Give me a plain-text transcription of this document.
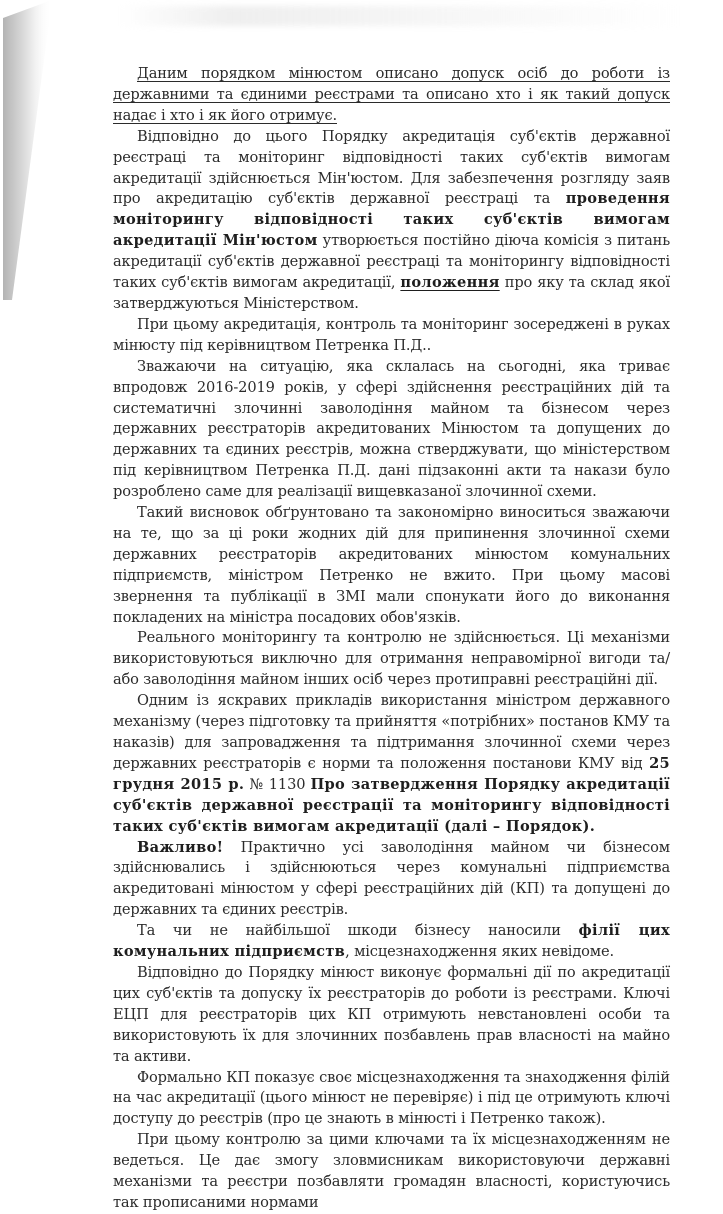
Даним порядком мінюстом описано допуск осіб до роботи із державними та єдиними реєстрами та описано хто і як такий допуск надає і хто і як його отримує.

Відповідно до цього Порядку акредитація суб'єктів державної реєстраці та моніторинг відповідності таких суб'єктів вимогам акредитації здійснюється Мін'юстом. Для забезпечення розгляду заяв про акредитацію суб'єктів державної реєстраці та проведення моніторингу відповідності таких суб'єктів вимогам акредитації Мін'юстом утворюється постійно діюча комісія з питань акредитації суб'єктів державної реєстраці та моніторингу відповідності таких суб'єктів вимогам акредитації, положення про яку та склад якої затверджуються Міністерством.

При цьому акредитація, контроль та моніторинг зосереджені в руках мінюсту під керівництвом Петренка П.Д..

Зважаючи на ситуацію, яка склалась на сьогодні, яка триває впродовж 2016-2019 років, у сфері здійснення реєстраційних дій та систематичні злочинні заволодіння майном та бізнесом через державних реєстраторів акредитованих Мінюстом та допущених до державних та єдиних реєстрів, можна стверджувати, що міністерством під керівництвом Петренка П.Д. дані підзаконні акти та накази було розроблено саме для реалізації вищевказаної злочинної схеми.

Такий висновок обґрунтовано та закономірно виноситься зважаючи на те, що за ці роки жодних дій для припинення злочинної схеми державних реєстраторів акредитованих мінюстом комунальних підприємств, міністром Петренко не вжито. При цьому масові звернення та публікації в ЗМІ мали спонукати його до виконання покладених на міністра посадових обов'язків.

Реального моніторингу та контролю не здійснюється. Ці механізми використовуються виключно для отримання неправомірної вигоди та/або заволодіння майном інших осіб через протиправні реєстраційні дії.

Одним із яскравих прикладів використання міністром державного механізму (через підготовку та прийняття «потрібних» постанов КМУ та наказів) для запровадження та підтримання злочинної схеми через державних реєстраторів є норми та положення постанови КМУ від 25 грудня 2015 р. № 1130 Про затвердження Порядку акредитації суб'єктів державної реєстрації та моніторингу відповідності таких суб'єктів вимогам акредитації (далі – Порядок).

Важливо! Практично усі заволодіння майном чи бізнесом здійснювались і здійснюються через комунальні підприємства акредитовані мінюстом у сфері реєстраційних дій (КП) та допущені до державних та єдиних реєстрів.

Та чи не найбільшої шкоди бізнесу наносили філії цих комунальних підприємств, місцезнаходження яких невідоме.

Відповідно до Порядку мінюст виконує формальні дії по акредитації цих суб'єктів та допуску їх реєстраторів до роботи із реєстрами. Ключі ЕЦП для реєстраторів цих КП отримують невстановлені особи та використовують їх для злочинних позбавлень прав власності на майно та активи.

Формально КП показує своє місцезнаходження та знаходження філій на час акредитації (цього мінюст не перевіряє) і під це отримують ключі доступу до реєстрів (про це знають в мінюсті і Петренко також).

При цьому контролю за цими ключами та їх місцезнаходженням не ведеться. Це дає змогу зловмисникам використовуючи державні механізми та реєстри позбавляти громадян власності, користуючись так прописаними нормами
